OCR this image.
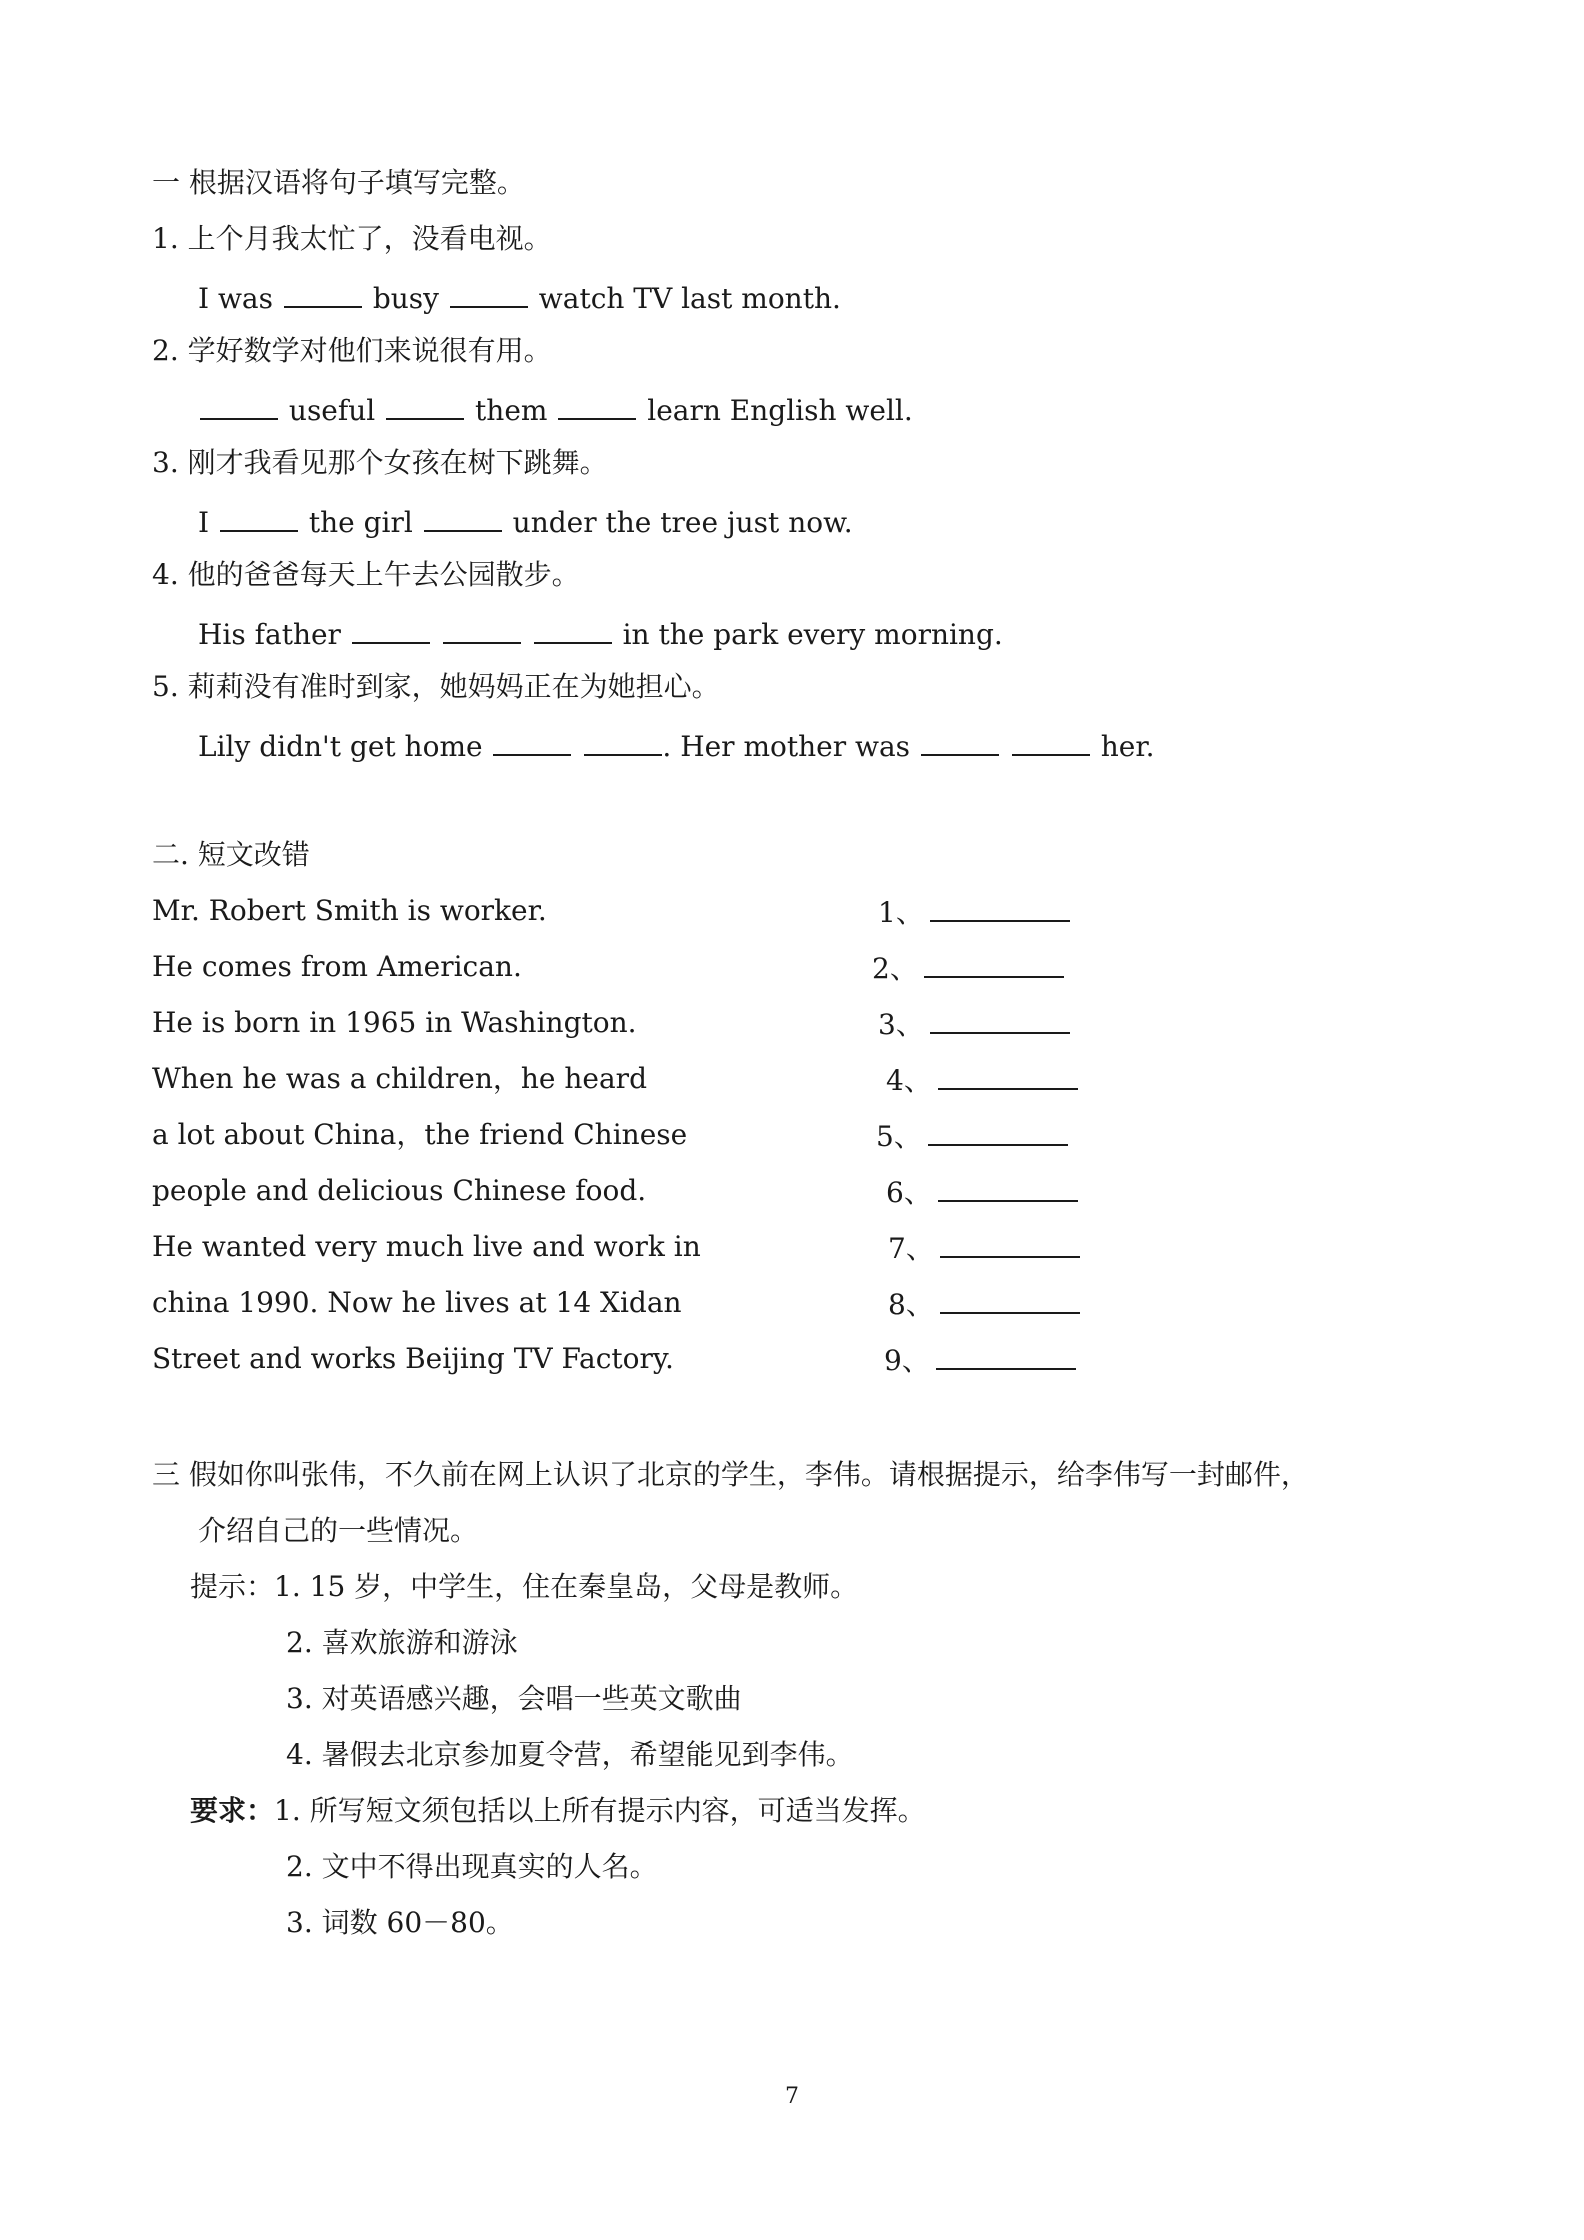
一 根据汉语将句子填写完整。
1. 上个月我太忙了，没看电视。
I was	busy	watch TV last month.
2. 学好数学对他们来说很有用。
useful	them	learn English well.
3. 刚才我看见那个女孩在树下跳舞。
I	the girl	under the tree just now.
4. 他的爸爸每天上午去公园散步。
His father	in the park every morning.
5. 莉莉没有准时到家，她妈妈正在为她担心。
Lily didn't get home	. Her mother was	her.
二. 短文改错
Mr. Robert Smith is worker.	1、
He comes from American.	2、
He is born in 1965 in Washington.	3、
When he was a children，he heard	4、
a lot about China，the friend Chinese	5、
people and delicious Chinese food.	6、
He wanted very much live and work in	7、
china 1990. Now he lives at 14 Xidan	8、
Street and works Beijing TV Factory.	9、
三 假如你叫张伟，不久前在网上认识了北京的学生，李伟。请根据提示，给李伟写一封邮件，
介绍自己的一些情况。
提示：1. 15 岁，中学生，住在秦皇岛，父母是教师。
2. 喜欢旅游和游泳
3. 对英语感兴趣，会唱一些英文歌曲
4. 暑假去北京参加夏令营，希望能见到李伟。
要求：1. 所写短文须包括以上所有提示内容，可适当发挥。
2. 文中不得出现真实的人名。
3. 词数 60－80。
7
